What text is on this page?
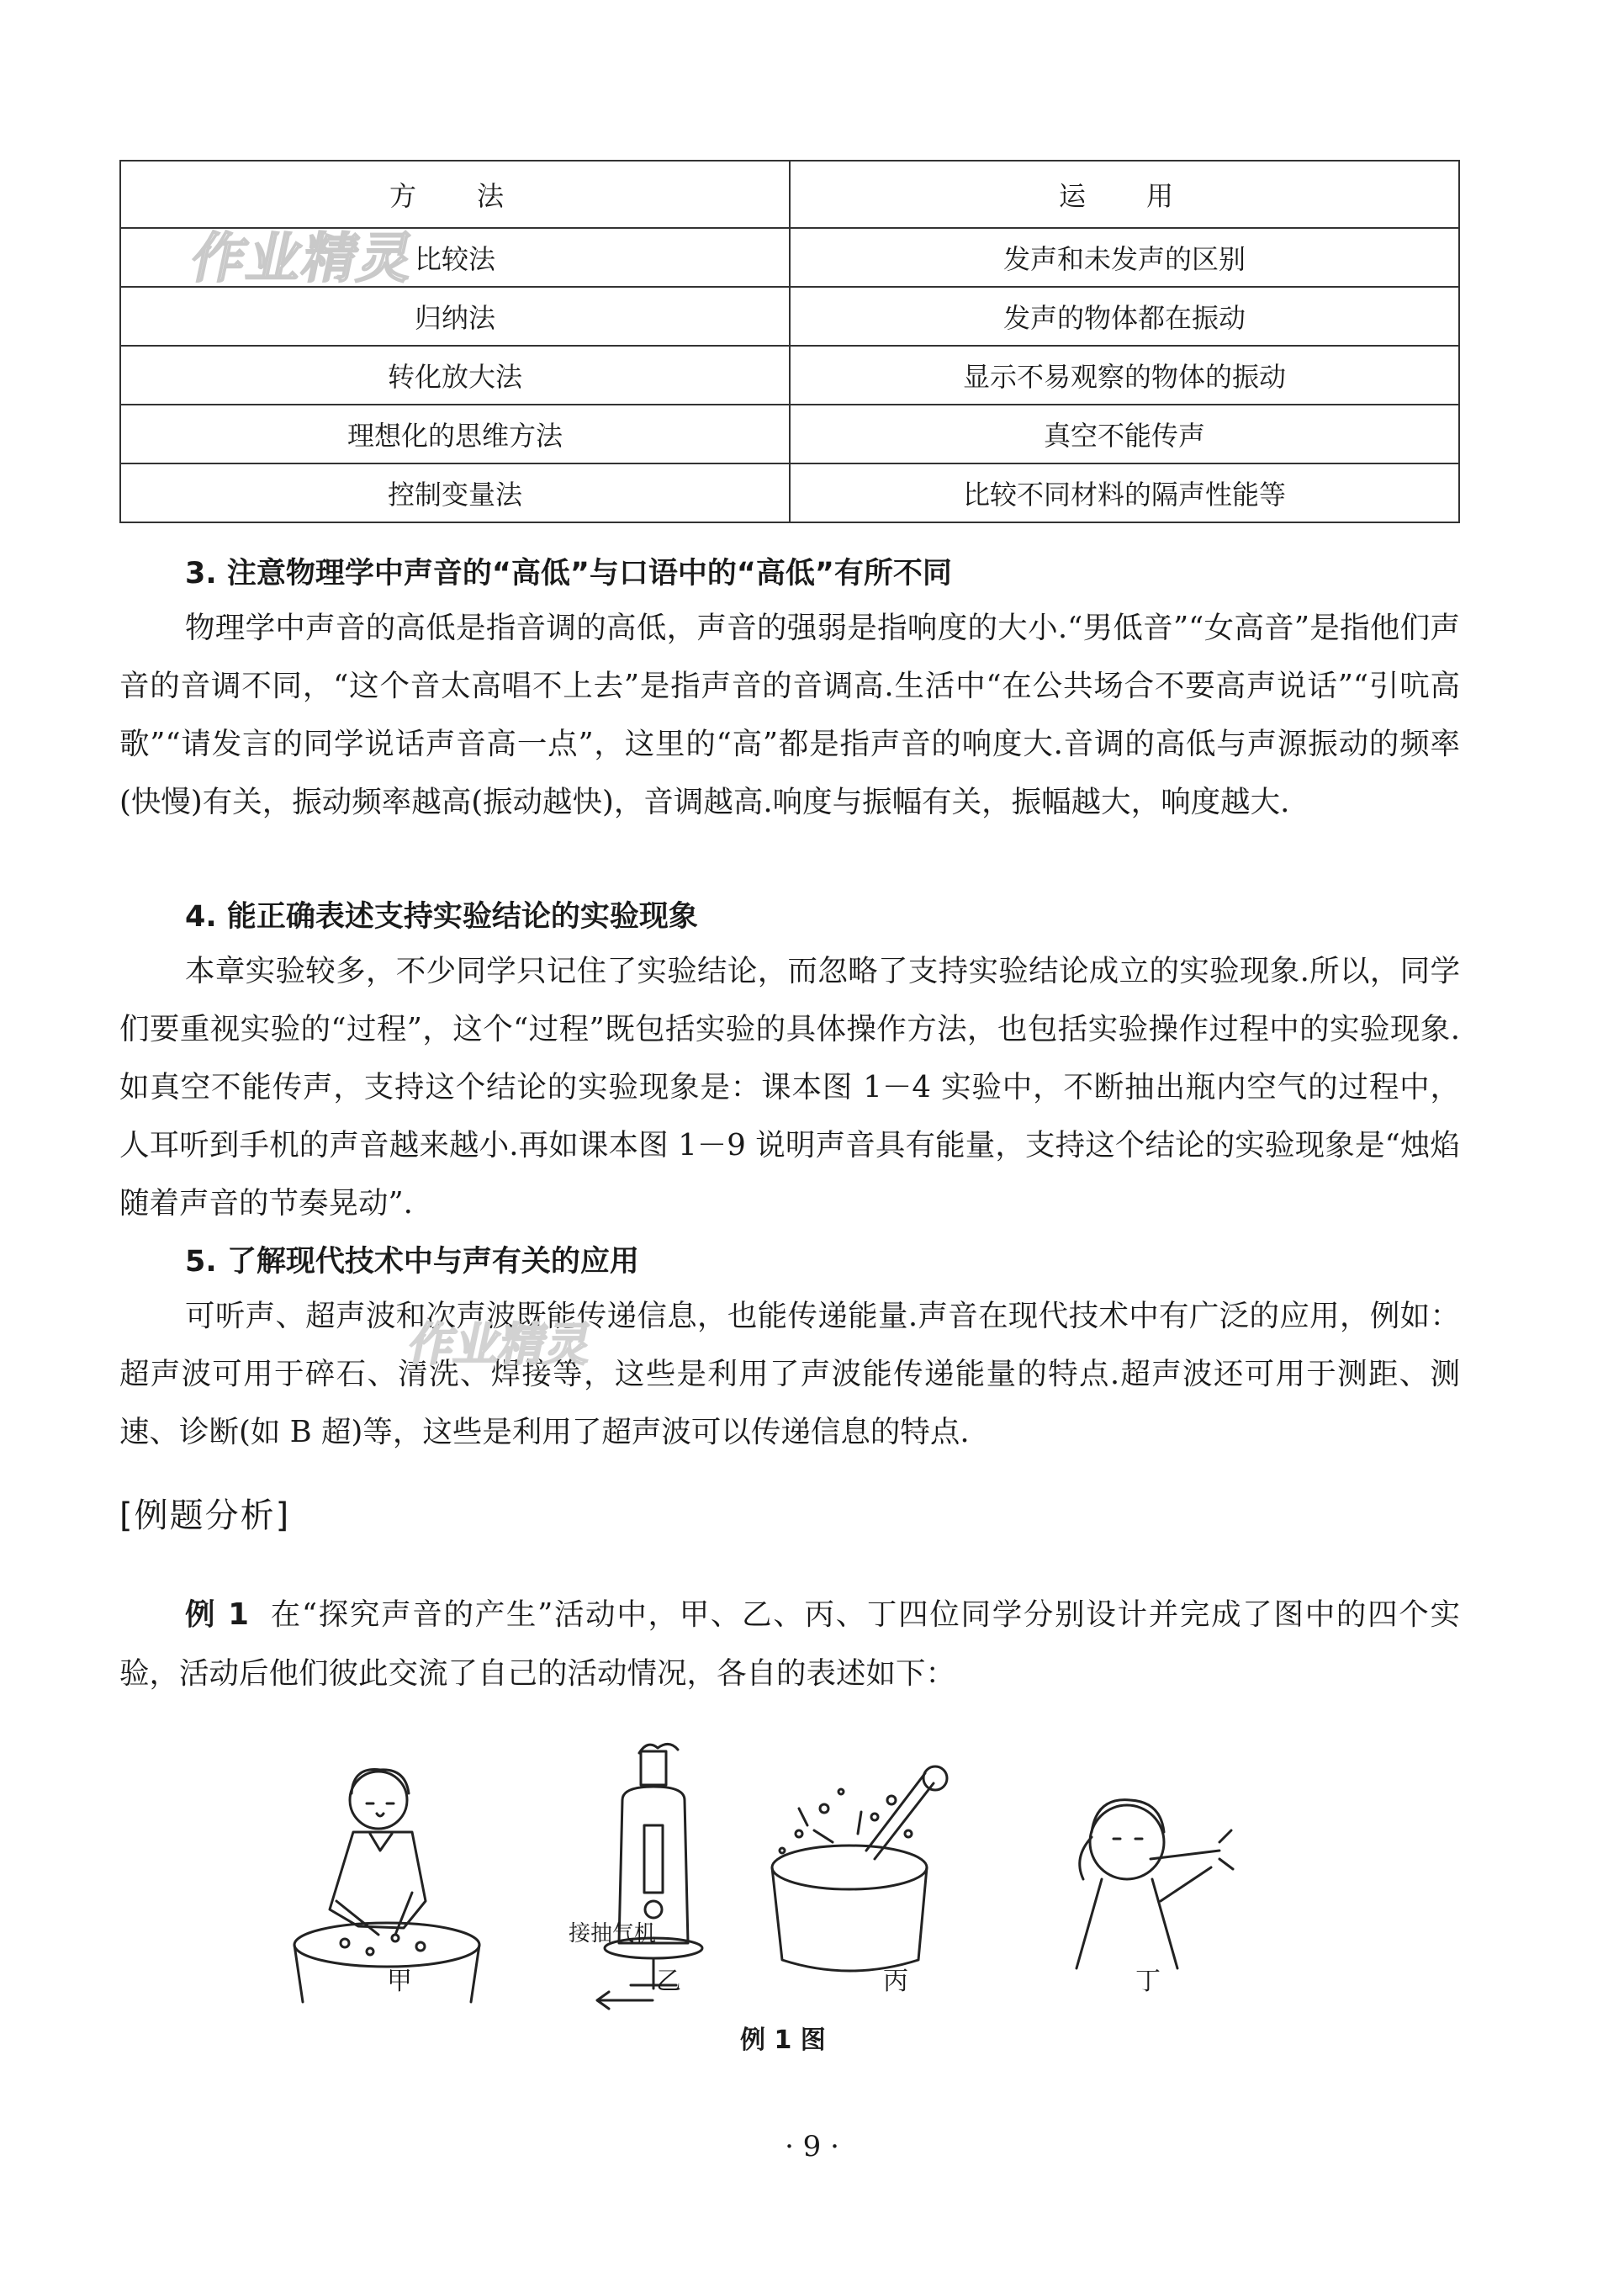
方　法	运　用
比较法	发声和未发声的区别
归纳法	发声的物体都在振动
转化放大法	显示不易观察的物体的振动
理想化的思维方法	真空不能传声
控制变量法	比较不同材料的隔声性能等
作业精灵
3. 注意物理学中声音的“高低”与口语中的“高低”有所不同

物理学中声音的高低是指音调的高低，声音的强弱是指响度的大小.“男低音”“女高音”是指他们声音的音调不同，“这个音太高唱不上去”是指声音的音调高.生活中“在公共场合不要高声说话”“引吭高歌”“请发言的同学说话声音高一点”，这里的“高”都是指声音的响度大.音调的高低与声源振动的频率(快慢)有关，振动频率越高(振动越快)，音调越高.响度与振幅有关，振幅越大，响度越大.

4. 能正确表述支持实验结论的实验现象

本章实验较多，不少同学只记住了实验结论，而忽略了支持实验结论成立的实验现象.所以，同学们要重视实验的“过程”，这个“过程”既包括实验的具体操作方法，也包括实验操作过程中的实验现象.如真空不能传声，支持这个结论的实验现象是：课本图 1－4 实验中，不断抽出瓶内空气的过程中，人耳听到手机的声音越来越小.再如课本图 1－9 说明声音具有能量，支持这个结论的实验现象是“烛焰随着声音的节奏晃动”.

5. 了解现代技术中与声有关的应用

可听声、超声波和次声波既能传递信息，也能传递能量.声音在现代技术中有广泛的应用，例如：超声波可用于碎石、清洗、焊接等，这些是利用了声波能传递能量的特点.超声波还可用于测距、测速、诊断(如 B 超)等，这些是利用了超声波可以传递信息的特点.

作业精灵
[例题分析]

例 1 在“探究声音的产生”活动中，甲、乙、丙、丁四位同学分别设计并完成了图中的四个实验，活动后他们彼此交流了自己的活动情况，各自的表述如下：

接抽气机
甲	乙	丙	丁
例 1 图
· 9 ·
